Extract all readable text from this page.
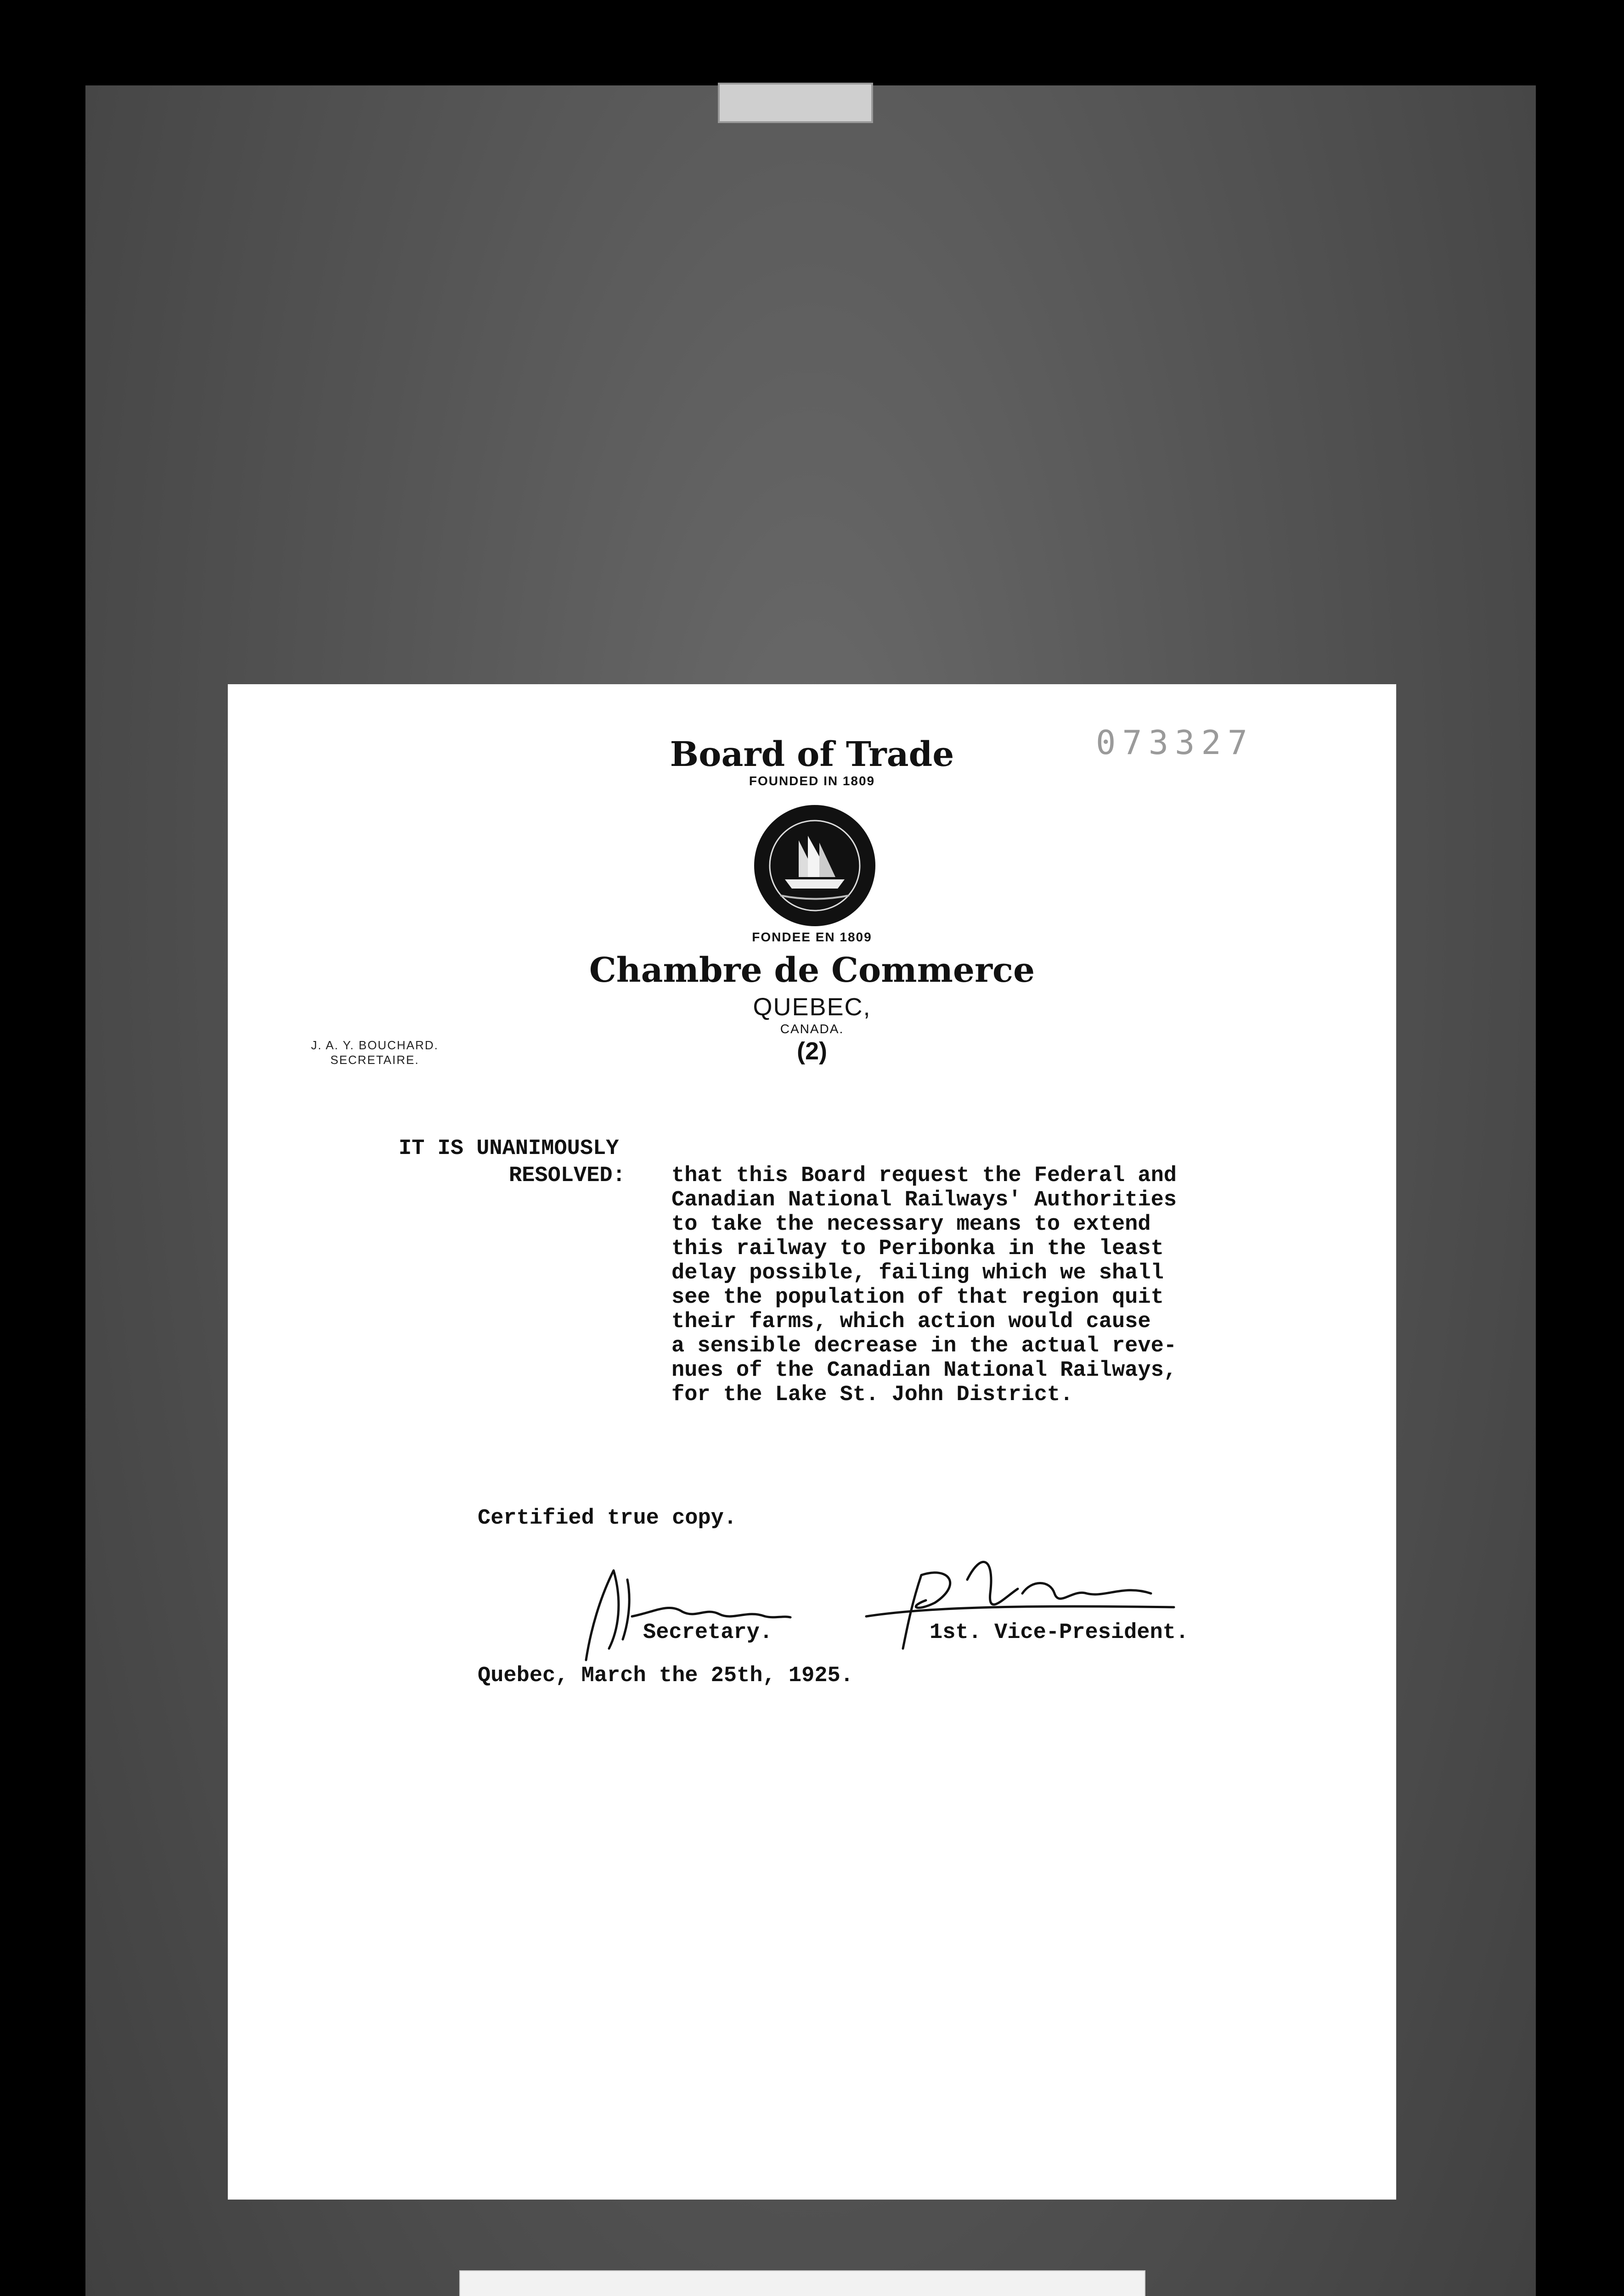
073327
Board of Trade
FOUNDED IN 1809
FONDEE EN 1809
Chambre de Commerce
QUEBEC,
CANADA.
(2)
J. A. Y. BOUCHARD.
SECRETAIRE.
IT IS UNANIMOUSLY
RESOLVED: that this Board request the Federal and
Canadian National Railways' Authorities
to take the necessary means to extend
this railway to Peribonka in the least
delay possible, failing which we shall
see the population of that region quit
their farms, which action would cause
a sensible decrease in the actual reve-
nues of the Canadian National Railways,
for the Lake St. John District.
Certified true copy.
Secretary.	1st. Vice-President.
Quebec, March the 25th, 1925.
